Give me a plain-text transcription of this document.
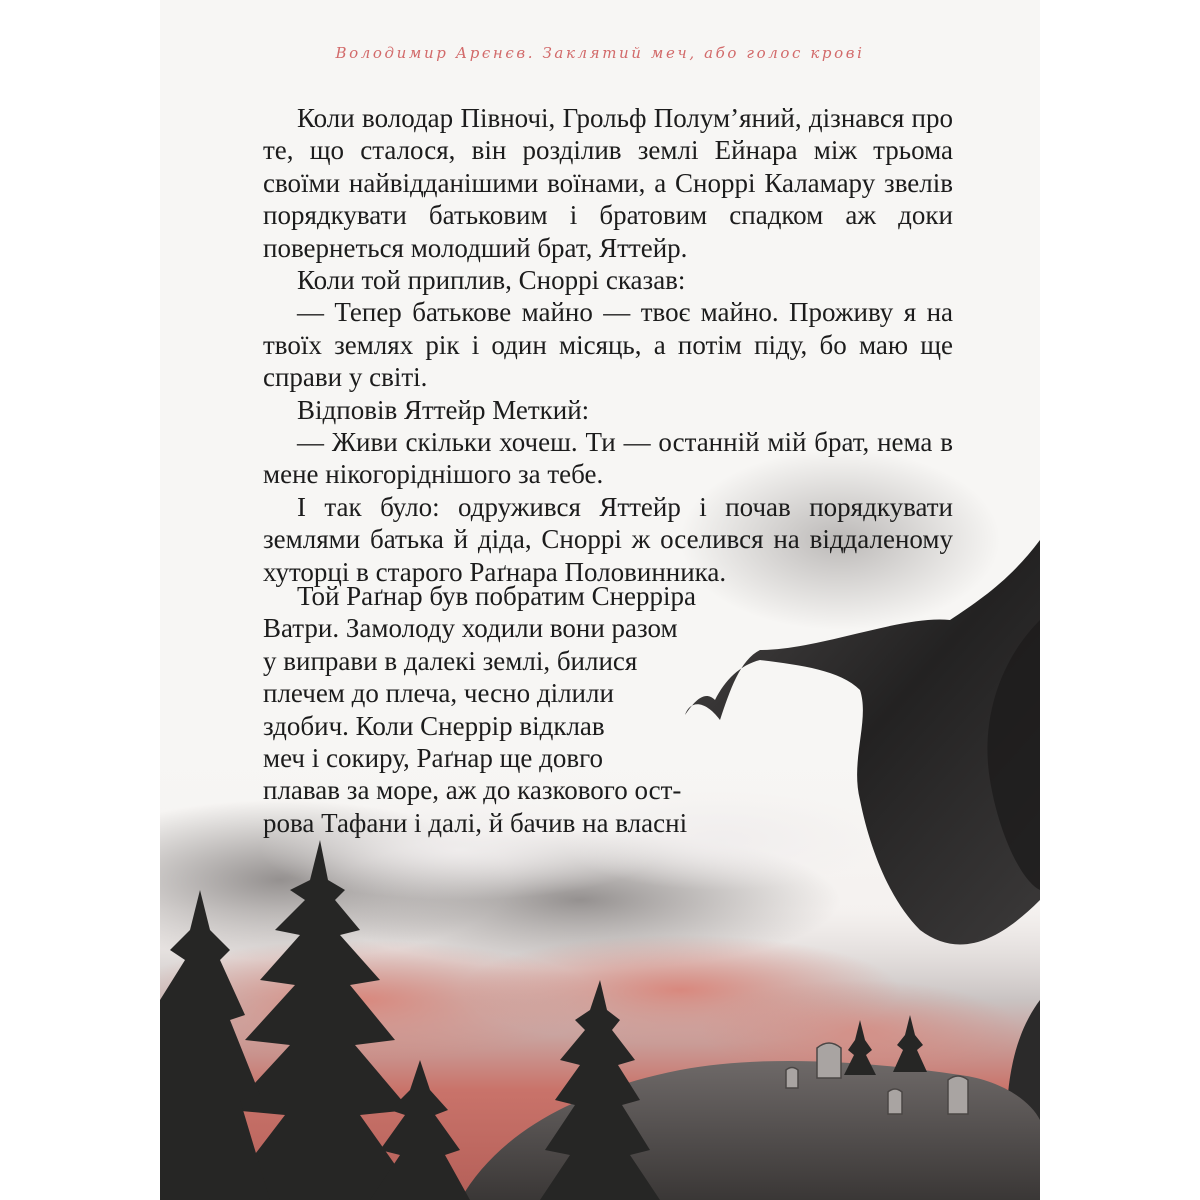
Володимир Арєнєв. Заклятий меч, або голос крові

Коли володар Півночі, Грольф Полум’яний, дізнався про те, що сталося, він розділив землі Ейнара між трьома своїми найвідданішими воїнами, а Сноррі Каламару звелів порядкувати батьковим і братовим спадком аж доки повернеться молодший брат, Яттейр.

Коли той приплив, Сноррі сказав:

— Тепер батькове майно — твоє майно. Проживу я на твоїх землях рік і один місяць, а потім піду, бо маю ще справи у світі.

Відповів Яттейр Меткий:

— Живи скільки хочеш. Ти — останній мій брат, нема в мене нікогоріднішого за тебе.

І так було: одружився Яттейр і почав порядкувати землями батька й діда, Сноррі ж оселився на віддаленому хуторці в старого Раґнара Половинника.

Той Раґнар був побратим Снерріра
Ватри. Замолоду ходили вони разом
у виправи в далекі землі, билися
плечем до плеча, чесно ділили
здобич. Коли Снеррір відклав
меч і сокиру, Раґнар ще довго
плавав за море, аж до казкового ост-
рова Тафани і далі, й бачив на власні
